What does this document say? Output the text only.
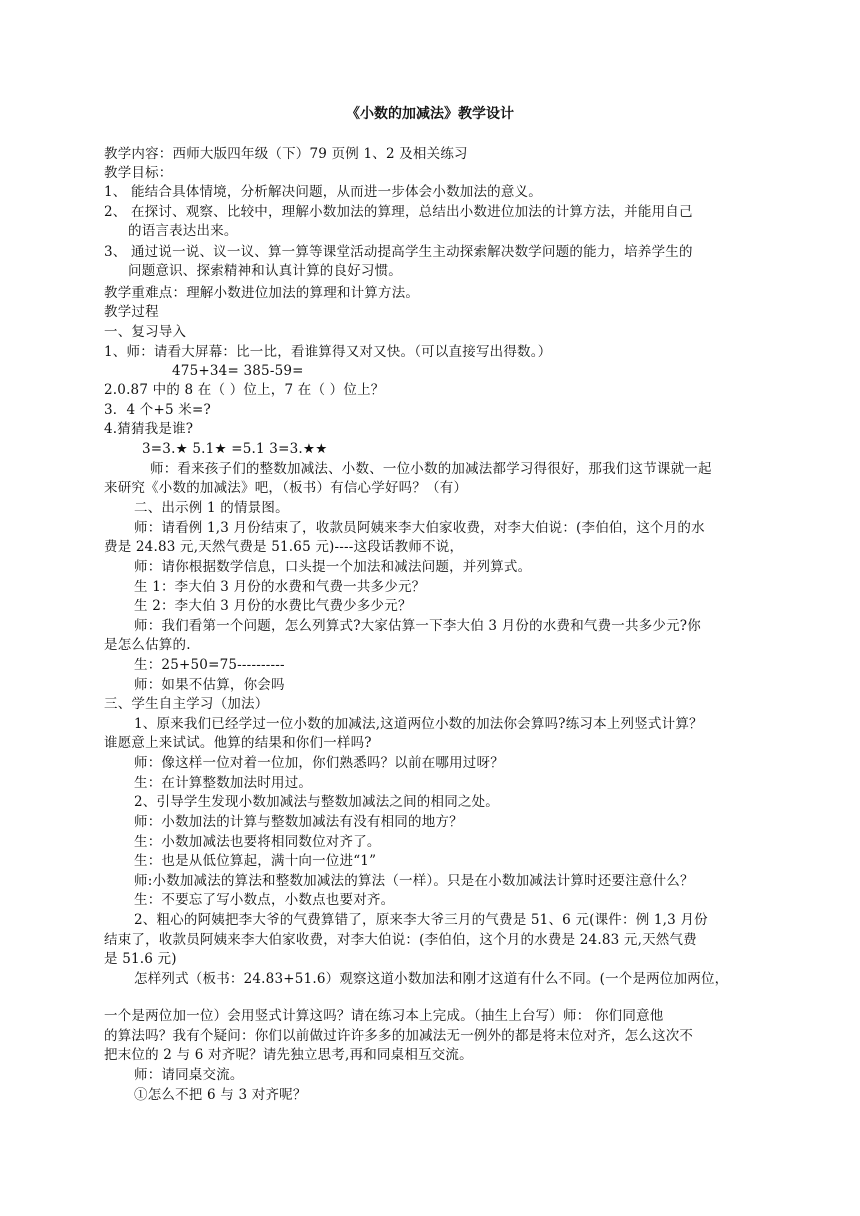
《小数的加减法》教学设计
教学内容：西师大版四年级（下）79 页例 1、2 及相关练习
教学目标：
1、 能结合具体情境，分析解决问题，从而进一步体会小数加法的意义。
2、 在探讨、观察、比较中，理解小数加法的算理，总结出小数进位加法的计算方法，并能用自己
的语言表达出来。
3、 通过说一说、议一议、算一算等课堂活动提高学生主动探索解决数学问题的能力，培养学生的
问题意识、探索精神和认真计算的良好习惯。
教学重难点：理解小数进位加法的算理和计算方法。
教学过程
一、复习导入
1、师：请看大屏幕：比一比，看谁算得又对又快。（可以直接写出得数。）
475+34= 385-59=
2.0.87 中的 8 在（ ）位上，7 在（ ）位上？
3．4 个+5 米=?
4.猜猜我是谁?
3=3.★ 5.1★ =5.1 3=3.★★
师：看来孩子们的整数加减法、小数、一位小数的加减法都学习得很好，那我们这节课就一起
来研究《小数的加减法》吧，（板书）有信心学好吗？（有）
二、出示例 1 的情景图。
师：请看例 1,3 月份结束了，收款员阿姨来李大伯家收费，对李大伯说：(李伯伯，这个月的水
费是 24.83 元,天然气费是 51.65 元)----这段话教师不说，
师：请你根据数学信息，口头提一个加法和减法问题，并列算式。
生 1：李大伯 3 月份的水费和气费一共多少元？
生 2：李大伯 3 月份的水费比气费少多少元？
师：我们看第一个问题，怎么列算式?大家估算一下李大伯 3 月份的水费和气费一共多少元?你
是怎么估算的.
生：25+50=75----------
师：如果不估算，你会吗
三、学生自主学习（加法）
1、原来我们已经学过一位小数的加减法,这道两位小数的加法你会算吗?练习本上列竖式计算？
谁愿意上来试试。他算的结果和你们一样吗?
师：像这样一位对着一位加，你们熟悉吗？以前在哪用过呀？
生：在计算整数加法时用过。
2、引导学生发现小数加减法与整数加减法之间的相同之处。
师：小数加法的计算与整数加减法有没有相同的地方？
生：小数加减法也要将相同数位对齐了。
生：也是从低位算起，满十向一位进“1”
师:小数加减法的算法和整数加减法的算法（一样）。只是在小数加减法计算时还要注意什么？
生：不要忘了写小数点，小数点也要对齐。
2、粗心的阿姨把李大爷的气费算错了，原来李大爷三月的气费是 51、6 元(课件：例 1,3 月份
结束了，收款员阿姨来李大伯家收费，对李大伯说：(李伯伯，这个月的水费是 24.83 元,天然气费
是 51.6 元)
怎样列式（板书：24.83+51.6）观察这道小数加法和刚才这道有什么不同。(一个是两位加两位，
一个是两位加一位）会用竖式计算这吗？请在练习本上完成。（抽生上台写）师： 你们同意他
的算法吗？我有个疑问：你们以前做过许许多多的加减法无一例外的都是将末位对齐，怎么这次不
把末位的 2 与 6 对齐呢？请先独立思考,再和同桌相互交流。
师：请同桌交流。
①怎么不把 6 与 3 对齐呢？
